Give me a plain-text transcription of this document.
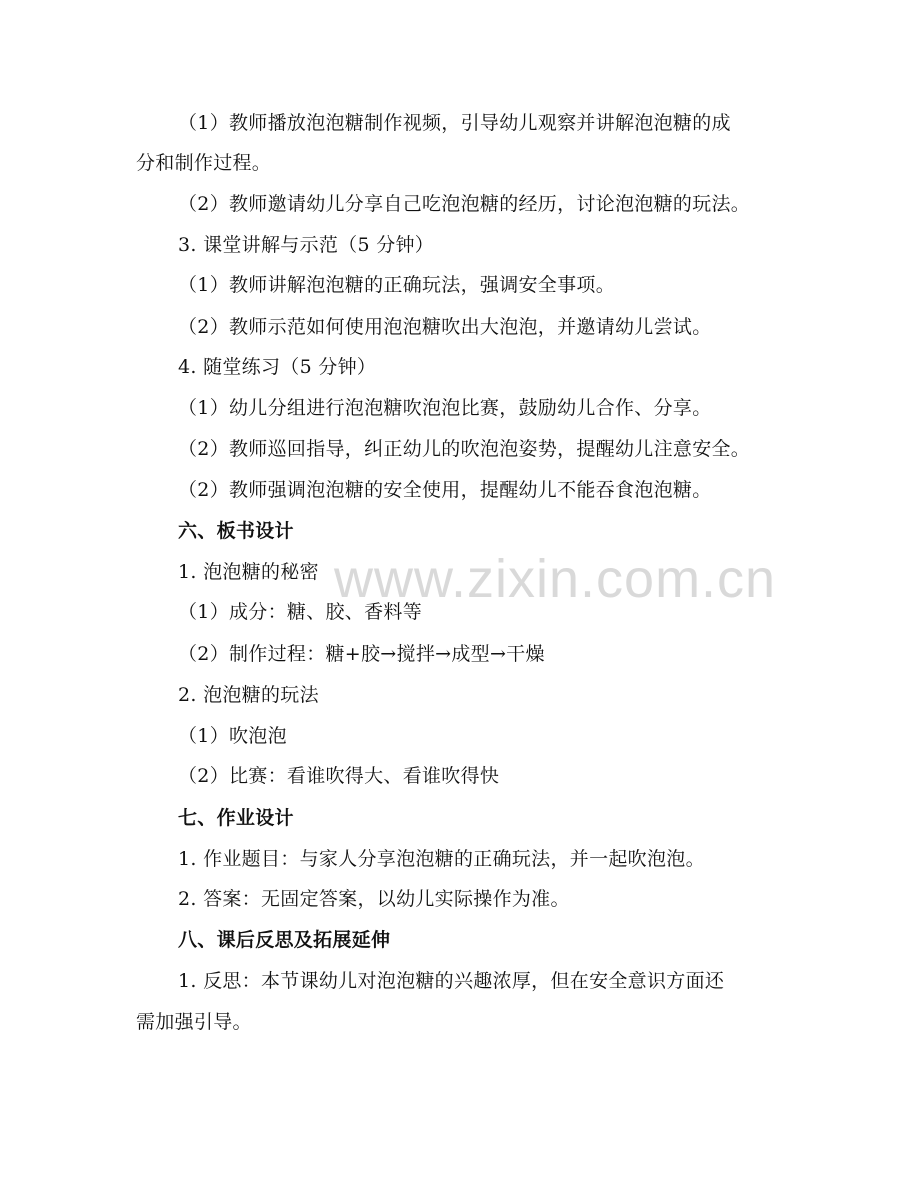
www.zixin.com.cn
（1）教师播放泡泡糖制作视频，引导幼儿观察并讲解泡泡糖的成
分和制作过程。
（2）教师邀请幼儿分享自己吃泡泡糖的经历，讨论泡泡糖的玩法。
3. 课堂讲解与示范（5 分钟）
（1）教师讲解泡泡糖的正确玩法，强调安全事项。
（2）教师示范如何使用泡泡糖吹出大泡泡，并邀请幼儿尝试。
4. 随堂练习（5 分钟）
（1）幼儿分组进行泡泡糖吹泡泡比赛，鼓励幼儿合作、分享。
（2）教师巡回指导，纠正幼儿的吹泡泡姿势，提醒幼儿注意安全。
（2）教师强调泡泡糖的安全使用，提醒幼儿不能吞食泡泡糖。
六、板书设计
1. 泡泡糖的秘密
（1）成分：糖、胶、香料等
（2）制作过程：糖+胶→搅拌→成型→干燥
2. 泡泡糖的玩法
（1）吹泡泡
（2）比赛：看谁吹得大、看谁吹得快
七、作业设计
1. 作业题目：与家人分享泡泡糖的正确玩法，并一起吹泡泡。
2. 答案：无固定答案，以幼儿实际操作为准。
八、课后反思及拓展延伸
1. 反思：本节课幼儿对泡泡糖的兴趣浓厚，但在安全意识方面还
需加强引导。
